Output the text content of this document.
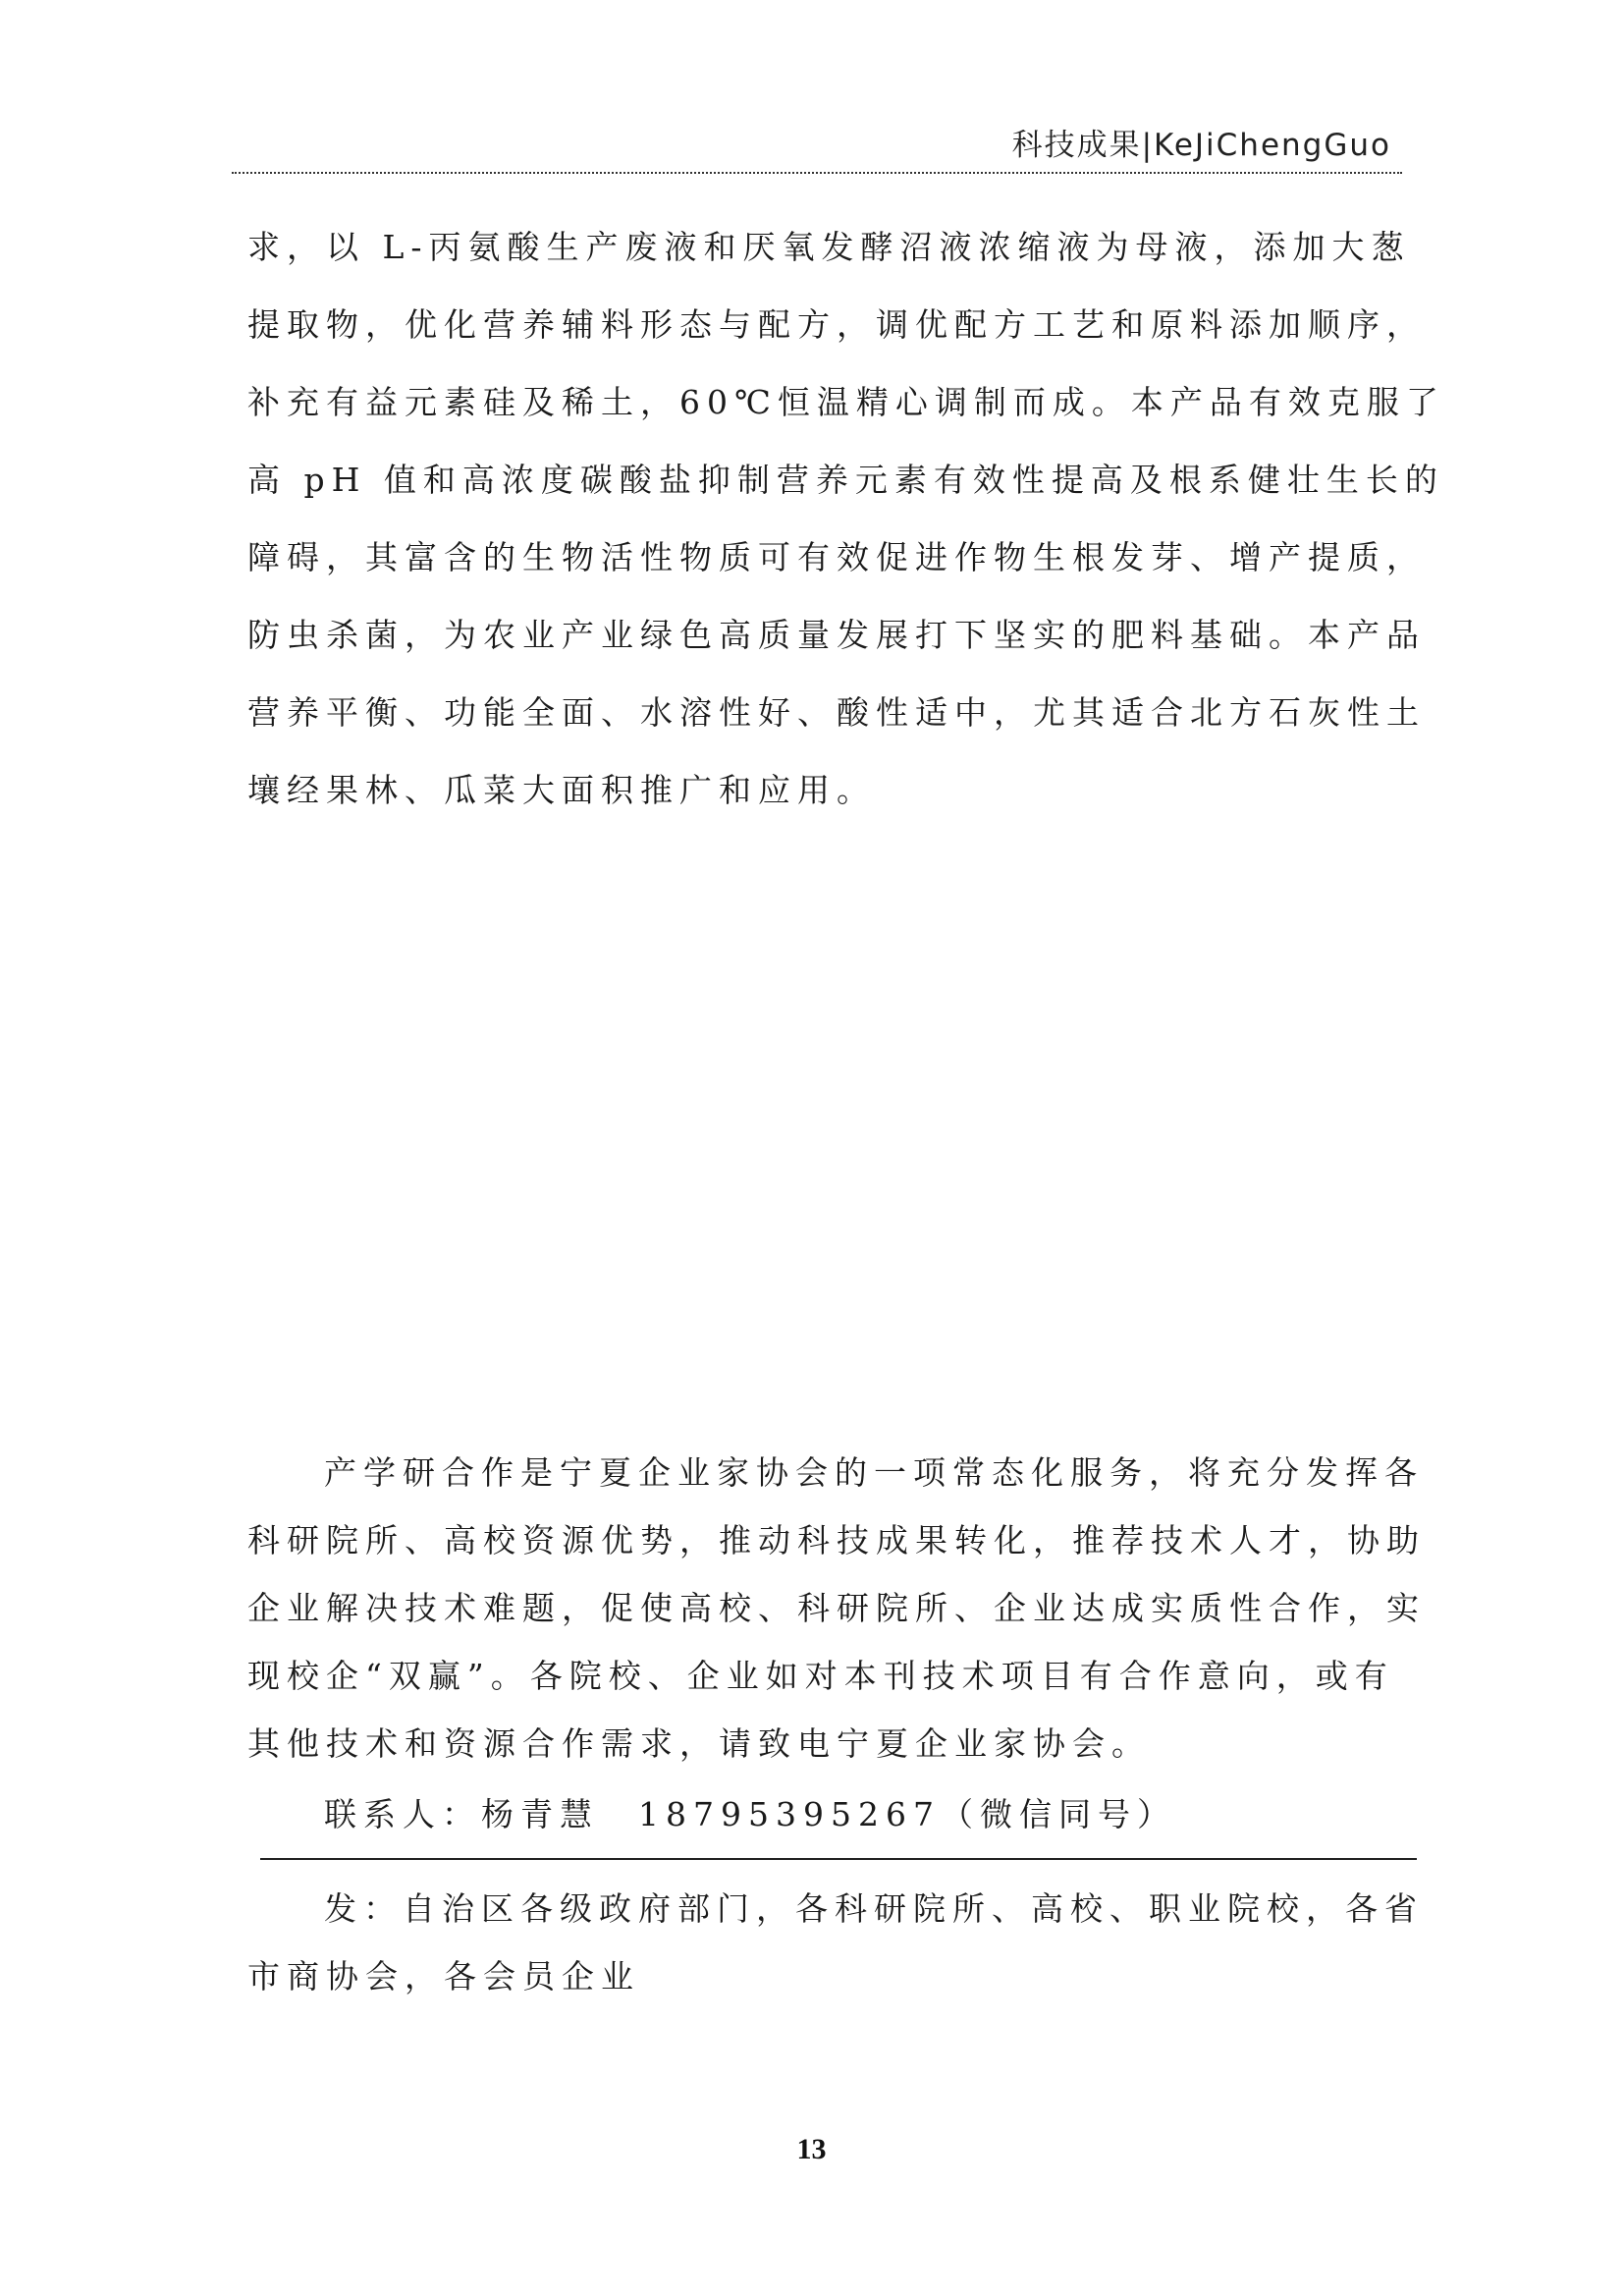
科技成果|KeJiChengGuo
求，以 L-丙氨酸生产废液和厌氧发酵沼液浓缩液为母液，添加大葱
提取物，优化营养辅料形态与配方，调优配方工艺和原料添加顺序，
补充有益元素硅及稀土，60℃恒温精心调制而成。本产品有效克服了
高 pH 值和高浓度碳酸盐抑制营养元素有效性提高及根系健壮生长的
障碍，其富含的生物活性物质可有效促进作物生根发芽、增产提质，
防虫杀菌，为农业产业绿色高质量发展打下坚实的肥料基础。本产品
营养平衡、功能全面、水溶性好、酸性适中，尤其适合北方石灰性土
壤经果林、瓜菜大面积推广和应用。
产学研合作是宁夏企业家协会的一项常态化服务，将充分发挥各
科研院所、高校资源优势，推动科技成果转化，推荐技术人才，协助
企业解决技术难题，促使高校、科研院所、企业达成实质性合作，实
现校企“双赢”。各院校、企业如对本刊技术项目有合作意向，或有
其他技术和资源合作需求，请致电宁夏企业家协会。
联系人：杨青慧　18795395267（微信同号）
发：自治区各级政府部门，各科研院所、高校、职业院校，各省
市商协会，各会员企业
13
